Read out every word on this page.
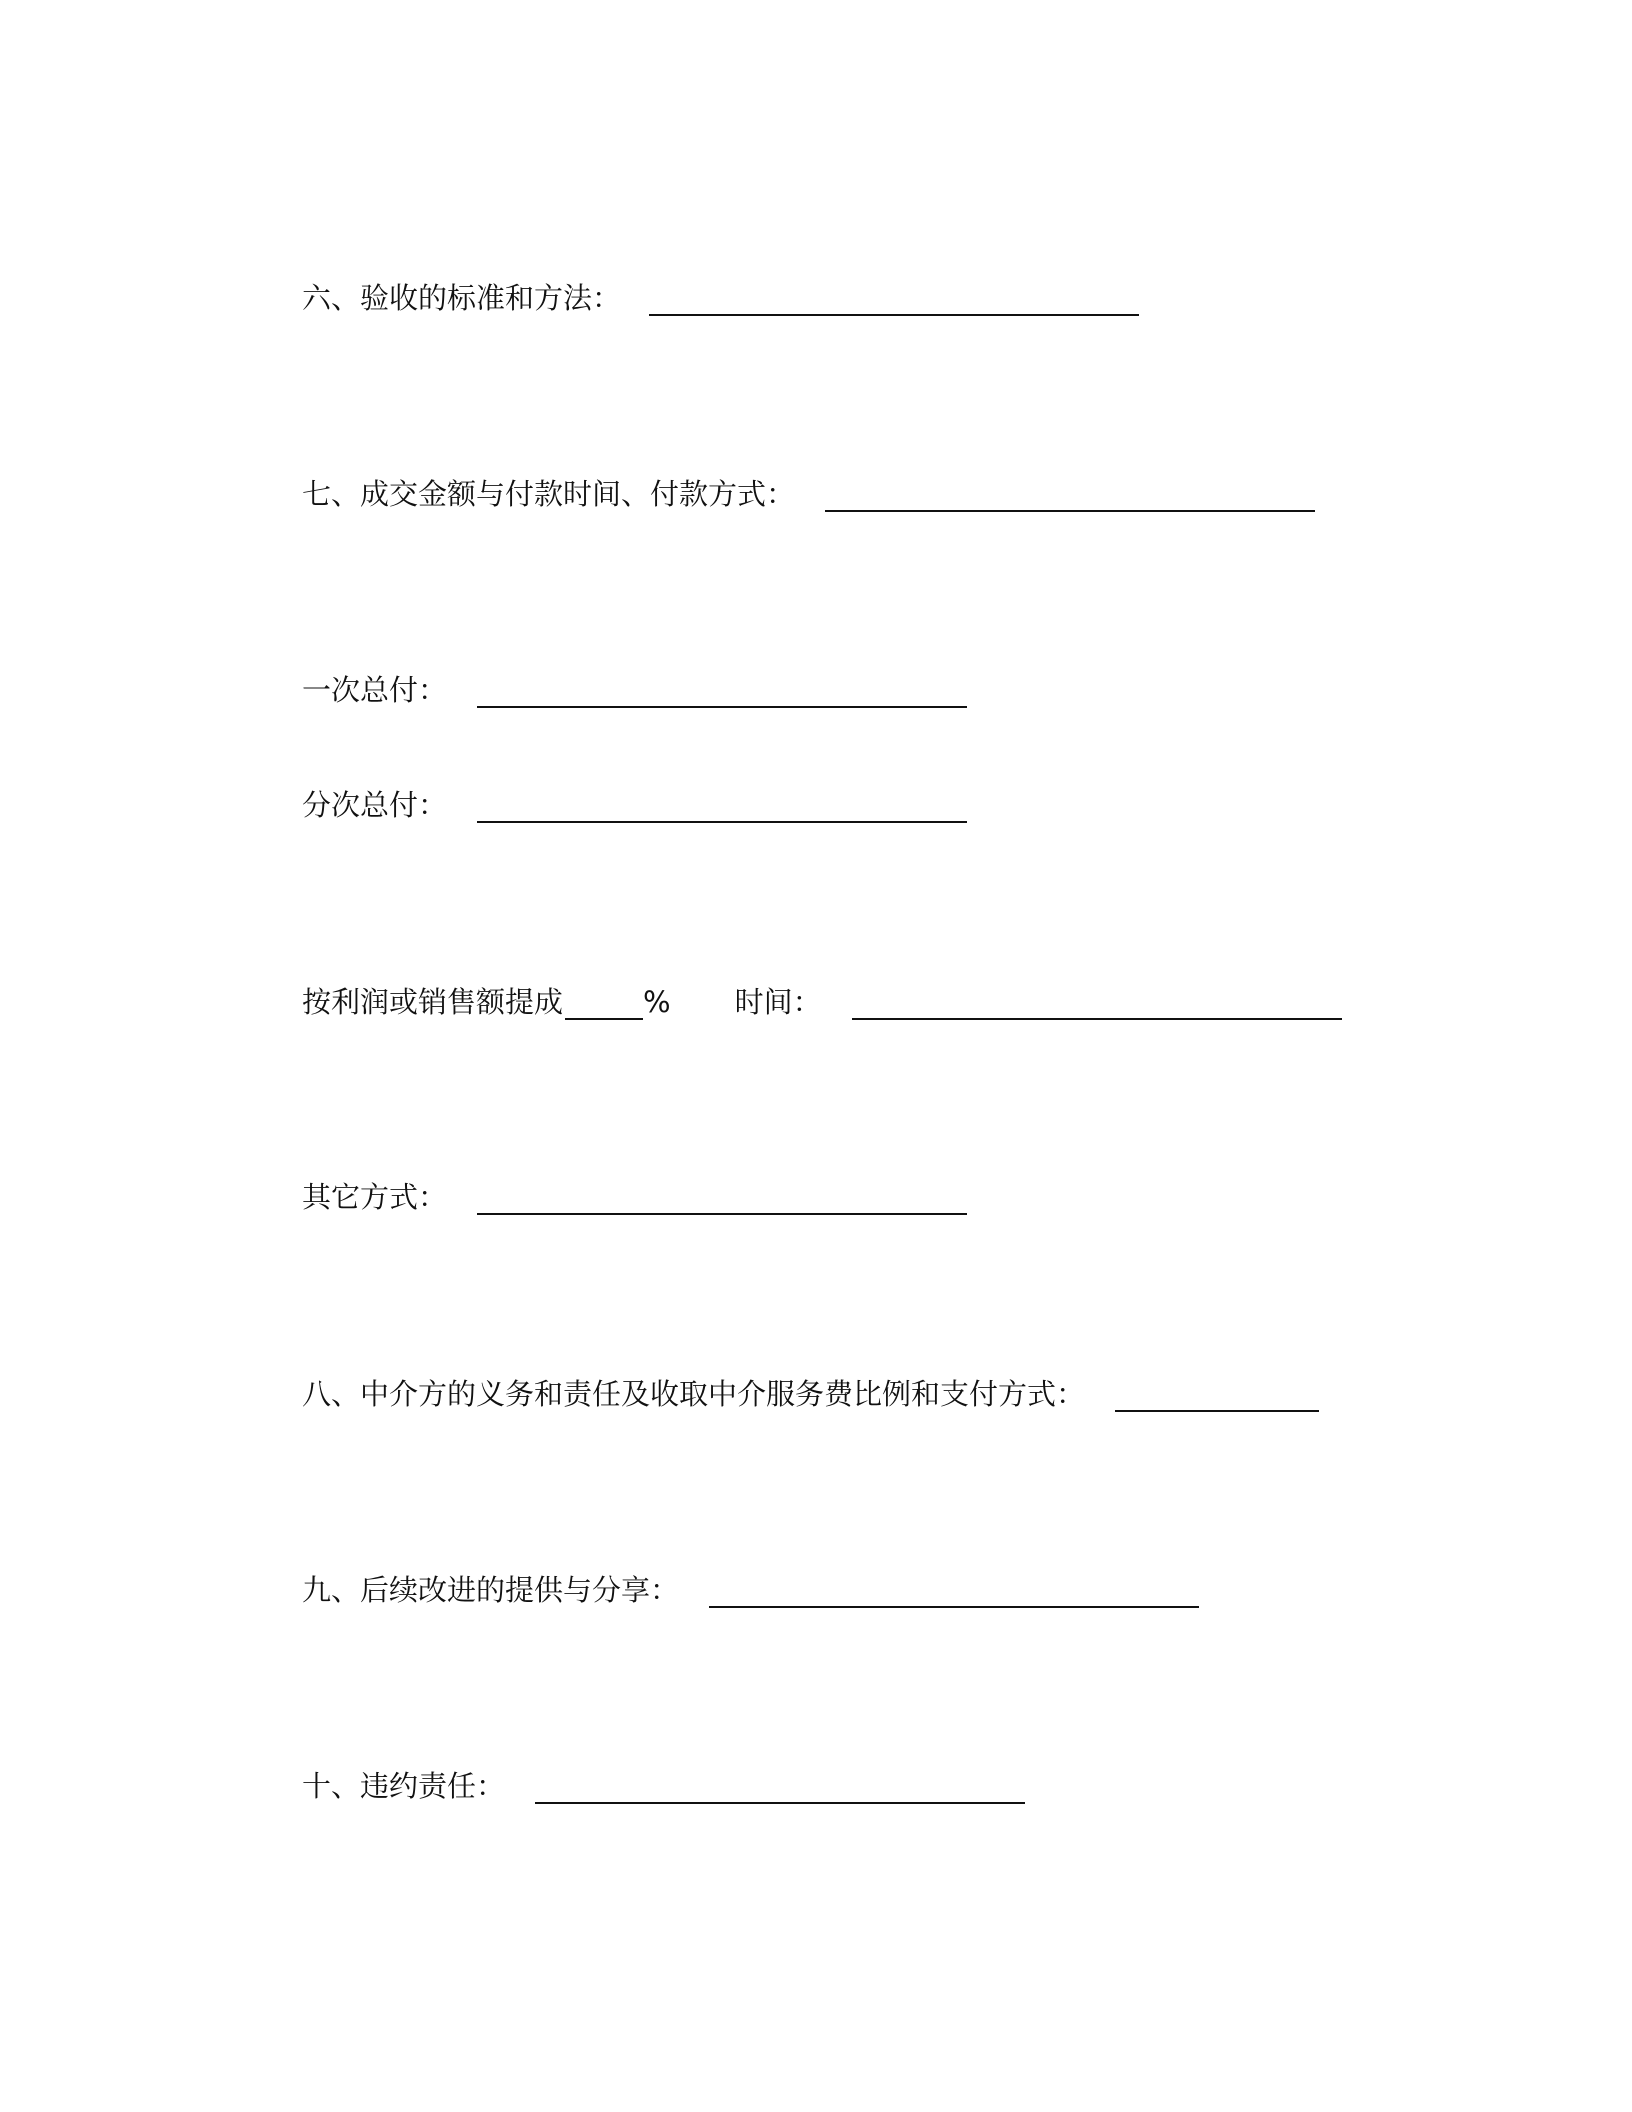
六、验收的标准和方法：
七、成交金额与付款时间、付款方式：
一次总付：
分次总付：
按利润或销售额提成	% 时间：
其它方式：
八、中介方的义务和责任及收取中介服务费比例和支付方式：
九、后续改进的提供与分享：
十、违约责任：
